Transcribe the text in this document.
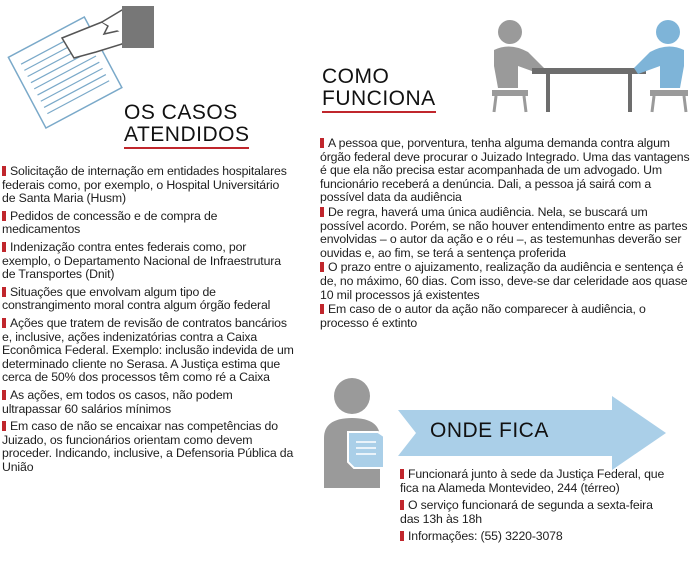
OS CASOS
ATENDIDOS
Solicitação de internação em entidades hospitalares federais como, por exemplo, o Hospital Universitário de Santa Maria (Husm)
Pedidos de concessão e de compra de medicamentos
Indenização contra entes federais como, por exemplo, o Departamento Nacional de Infraestrutura de Transportes (Dnit)
Situações que envolvam algum tipo de constrangimento moral contra algum órgão federal
Ações que tratem de revisão de contratos bancários e, inclusive, ações indenizatórias contra a Caixa Econômica Federal. Exemplo: inclusão indevida de um determinado cliente no Serasa. A Justiça estima que cerca de 50% dos processos têm como ré a Caixa
As ações, em todos os casos, não podem ultrapassar 60 salários mínimos
Em caso de não se encaixar nas competências do Juizado, os funcionários orientam como devem proceder. Indicando, inclusive, a Defensoria Pública da União
COMO
FUNCIONA
A pessoa que, porventura, tenha alguma demanda contra algum órgão federal deve procurar o Juizado Integrado. Uma das vantagens é que ela não precisa estar acompanhada de um advogado. Um funcionário receberá a denúncia. Dali, a pessoa já sairá com a possível data da audiência
De regra, haverá uma única audiência. Nela, se buscará um possível acordo. Porém, se não houver entendimento entre as partes envolvidas – o autor da ação e o réu –, as testemunhas deverão ser ouvidas e, ao fim, se terá a sentença proferida
O prazo entre o ajuizamento, realização da audiência e sentença é de, no máximo, 60 dias. Com isso, deve-se dar celeridade aos quase 10 mil processos já existentes
Em caso de o autor da ação não comparecer à audiência, o processo é extinto
ONDE FICA
Funcionará junto à sede da Justiça Federal, que fica na Alameda Montevideo, 244 (térreo)
O serviço funcionará de segunda a sexta-feira das 13h às 18h
Informações: (55) 3220-3078
